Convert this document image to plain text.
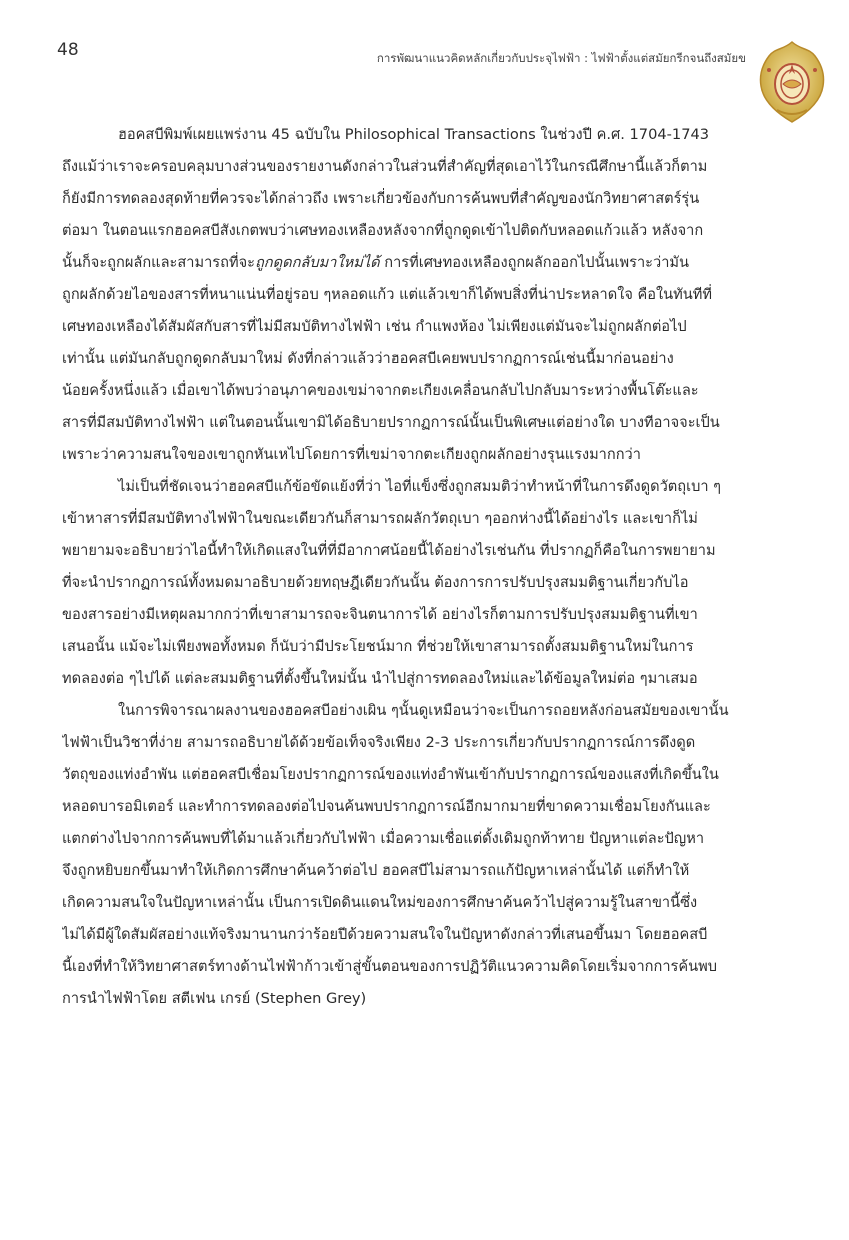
48	การพัฒนาแนวคิดหลักเกี่ยวกับประจุไฟฟ้า : ไฟฟ้าตั้งแต่สมัยกรีกจนถึงสมัยข
ฮอคสบีพิมพ์เผยแพร่งาน 45 ฉบับใน Philosophical Transactions ในช่วงปี ค.ศ. 1704-1743
ถึงแม้ว่าเราจะครอบคลุมบางส่วนของรายงานดังกล่าวในส่วนที่สำคัญที่สุดเอาไว้ในกรณีศึกษานี้แล้วก็ตาม
ก็ยังมีการทดลองสุดท้ายที่ควรจะได้กล่าวถึง เพราะเกี่ยวข้องกับการค้นพบที่สำคัญของนักวิทยาศาสตร์รุ่น
ต่อมา ในตอนแรกฮอคสบีสังเกตพบว่าเศษทองเหลืองหลังจากที่ถูกดูดเข้าไปติดกับหลอดแก้วแล้ว หลังจาก
นั้นก็จะถูกผลักและสามารถที่จะถูกดูดกลับมาใหม่ได้ การที่เศษทองเหลืองถูกผลักออกไปนั้นเพราะว่ามัน
ถูกผลักด้วยไอของสารที่หนาแน่นที่อยู่รอบ ๆหลอดแก้ว แต่แล้วเขาก็ได้พบสิ่งที่น่าประหลาดใจ คือในทันทีที่
เศษทองเหลืองได้สัมผัสกับสารที่ไม่มีสมบัติทางไฟฟ้า เช่น กำแพงห้อง ไม่เพียงแต่มันจะไม่ถูกผลักต่อไป
เท่านั้น แต่มันกลับถูกดูดกลับมาใหม่ ดังที่กล่าวแล้วว่าฮอคสบีเคยพบปรากฏการณ์เช่นนี้มาก่อนอย่าง
น้อยครั้งหนึ่งแล้ว เมื่อเขาได้พบว่าอนุภาคของเขม่าจากตะเกียงเคลื่อนกลับไปกลับมาระหว่างพื้นโต๊ะและ
สารที่มีสมบัติทางไฟฟ้า แต่ในตอนนั้นเขามิได้อธิบายปรากฏการณ์นั้นเป็นพิเศษแต่อย่างใด บางทีอาจจะเป็น
เพราะว่าความสนใจของเขาถูกหันเหไปโดยการที่เขม่าจากตะเกียงถูกผลักอย่างรุนแรงมากกว่า
ไม่เป็นที่ชัดเจนว่าฮอคสบีแก้ข้อขัดแย้งที่ว่า ไอที่แข็งซึ่งถูกสมมติว่าทำหน้าที่ในการดึงดูดวัตถุเบา ๆ
เข้าหาสารที่มีสมบัติทางไฟฟ้าในขณะเดียวกันก็สามารถผลักวัตถุเบา ๆออกห่างนี้ได้อย่างไร และเขาก็ไม่
พยายามจะอธิบายว่าไอนี้ทำให้เกิดแสงในที่ที่มีอากาศน้อยนี้ได้อย่างไรเช่นกัน ที่ปรากฏก็คือในการพยายาม
ที่จะนำปรากฏการณ์ทั้งหมดมาอธิบายด้วยทฤษฎีเดียวกันนั้น ต้องการการปรับปรุงสมมติฐานเกี่ยวกับไอ
ของสารอย่างมีเหตุผลมากกว่าที่เขาสามารถจะจินตนาการได้ อย่างไรก็ตามการปรับปรุงสมมติฐานที่เขา
เสนอนั้น แม้จะไม่เพียงพอทั้งหมด ก็นับว่ามีประโยชน์มาก ที่ช่วยให้เขาสามารถตั้งสมมติฐานใหม่ในการ
ทดลองต่อ ๆไปได้ แต่ละสมมติฐานที่ตั้งขึ้นใหม่นั้น นำไปสู่การทดลองใหม่และได้ข้อมูลใหม่ต่อ ๆมาเสมอ
ในการพิจารณาผลงานของฮอคสบีอย่างเผิน ๆนั้นดูเหมือนว่าจะเป็นการถอยหลังก่อนสมัยของเขานั้น
ไฟฟ้าเป็นวิชาที่ง่าย สามารถอธิบายได้ด้วยข้อเท็จจริงเพียง 2-3 ประการเกี่ยวกับปรากฏการณ์การดึงดูด
วัตถุของแท่งอำพัน แต่ฮอคสบีเชื่อมโยงปรากฏการณ์ของแท่งอำพันเข้ากับปรากฏการณ์ของแสงที่เกิดขึ้นใน
หลอดบารอมิเตอร์ และทำการทดลองต่อไปจนค้นพบปรากฏการณ์อีกมากมายที่ขาดความเชื่อมโยงกันและ
แตกต่างไปจากการค้นพบที่ได้มาแล้วเกี่ยวกับไฟฟ้า เมื่อความเชื่อแต่ดั้งเดิมถูกท้าทาย ปัญหาแต่ละปัญหา
จึงถูกหยิบยกขึ้นมาทำให้เกิดการศึกษาค้นคว้าต่อไป ฮอคสบีไม่สามารถแก้ปัญหาเหล่านั้นได้ แต่ก็ทำให้
เกิดความสนใจในปัญหาเหล่านั้น เป็นการเปิดดินแดนใหม่ของการศึกษาค้นคว้าไปสู่ความรู้ในสาขานี้ซึ่ง
ไม่ได้มีผู้ใดสัมผัสอย่างแท้จริงมานานกว่าร้อยปีด้วยความสนใจในปัญหาดังกล่าวที่เสนอขึ้นมา โดยฮอคสบี
นี้เองที่ทำให้วิทยาศาสตร์ทางด้านไฟฟ้าก้าวเข้าสู่ขั้นตอนของการปฏิวัติแนวความคิดโดยเริ่มจากการค้นพบ
การนำไฟฟ้าโดย สตีเฟน เกรย์ (Stephen Grey)
